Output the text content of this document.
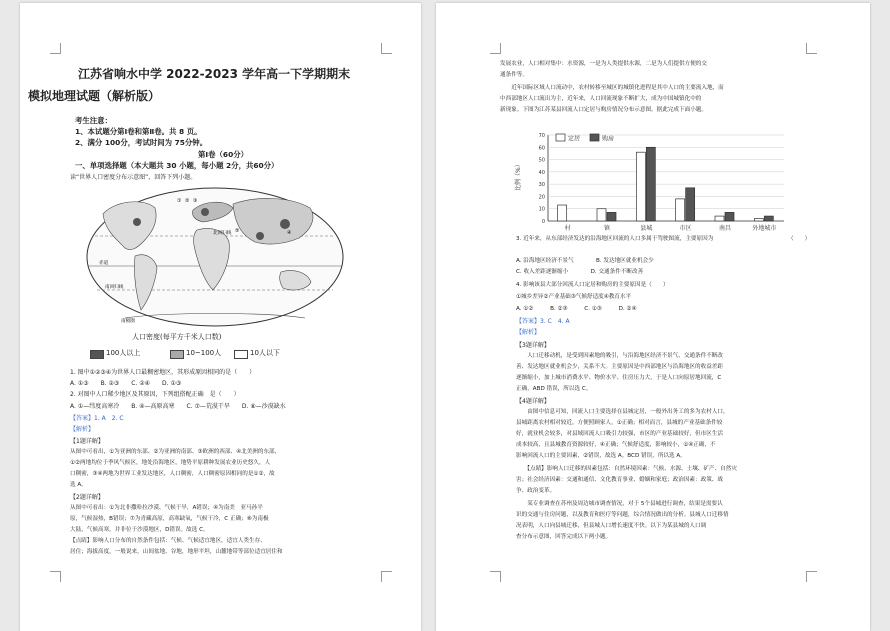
江苏省响水中学 2022-2023 学年高一下学期期末
模拟地理试题（解析版）
考生注意：
1、本试题分第Ⅰ卷和第Ⅱ卷。共 8 页。
2、满分 100分，考试时间为 75分钟。
第Ⅰ卷（60分）
一、单项选择题（本大题共 30 小题，每小题 2分，共60分）
读“世界人口密度分布示意图”，回答下列小题。
① ② ③
④
⑤
北回归线
赤道
南回归线
南极圈
人口密度(每平方千米人口数)
100人以上	10~100人	10人以下
1. 图中①②③④为世界人口最稠密地区，其形成原因相同的是（　　）
A. ①③　　B. ②③　　C. ②④　　D. ①③
2. 对图中人口稀少地区及其原因，下列组搭配正确　是（　　）
A. ①—纬度高寒冷　　B. ④—高原高寒　　C. ⑦—荒漠干旱　　D. ⑧—沙漠缺水
【答案】1. A　2. C
【解析】
【1题详解】
从图中可看出，①为亚洲的东部、②为亚洲的南部、③欧洲的西部、④北美洲的东部，
①②两地均位于季风气候区，地处沿海地区，地势平原耕种发展农业历史悠久，人
口稠密，③④两地为世界工业发达地区，人口稠密，人口稠密原因相同的是①②，故
选 A。
【2题详解】
从图中可看出：①为北非撒哈拉沙漠、气候干旱，A错误；④为南美　亚马孙平
原，气候湿热，B错误；⑦为青藏高原，高寒缺氧，气候干冷，C 正确；⑧为南极
大陆，气候高寒，并非位于沙漠地区，D错误。故选 C。
【点睛】影响人口分布的自然条件包括：气候、气候适宜地区，适宜人类生存、
居住；海拔高度，一般说来，山间盆地、谷地，地形平坦，山麓地带等部位适宜居住和
发展农业，人口相对集中：水资源，一是为人类提供水源，二是为人们提供方便的交
通条件等。
　　近年国际区域人口流动中，农村转移至城区的城镇化进程是其中人口的主要流入地，而
中西部地区人口流出为主，近年来，人口回流现象不断扩大，成为中国城镇化中的
新现象。下图为江苏某县回流人口定居与购房情况分布示意图。据此完成下面小题。
0
10
20
30
40
50
60
70
比例（%）
村	镇	县城	市区	南昌	外地城市
定居	购房
3. 近年来，从东部经济发达的沿海地区回流的人口多属于驾驶图流，主要原因为	（　　）
A. 沿海地区经济不景气　　　　B. 发达地区就业机会少
C. 收入差距逐渐缩小　　　　D. 交通条件不断改善
4. 影响该县大部分回流人口定居和购房的主要原因是（　　）
①城乡差异②产业基础③气候舒适度④教育水平
A. ①②　　　B. ②③　　　C. ①③　　　D. ②④
【答案】3. C　4. A
【解析】
【3题详解】
　　人口迁移动机，是受到因素地的吸引，与沿海地区经济不景气、交通条件不断改
善、发达地区就业机会少，关系不大。主要原因是中西部地区与沿海地区的收益差距
逐渐缩小，加上城市消费水平、物价水平、住房压力大，于是人口向原居地回流，C
正确，ABD 错误，所以选 C。
【4题详解】
　　由图中信息可知，回流人口主要选择在县城定居，一般外出务工的多为农村人口，
县城距离农村相对较近，方便照顾家人，①正确；相对而言，县城的产业基础条件较
好，就业机会较多，对县域回流人口吸引力较强，市区的产业基础较好，但市区生活
成本较高，且县城教育资源较好，④正确；气候舒适度，影响较小，①④正确，不
影响回流人口的主要因素，②错误，故选 A。BCD 错误，所以选 A。
　　【点睛】影响人口迁移的因素包括：自然环境因素：气候、水源、土壤、矿产、自然灾
害；社会经济因素：交通和通信、文化教育事业、婚姻和家庭；政治因素：政策、战
争、政治变革。
　　某专业调查在苏州及周边城市调查情况，对于 5个县城进行调查，结果是需要认
识的交通与住房问题，以及教育和医疗等问题，综合情况做出的分析。县城人口迁移情
况表明，人口向县城迁移，但县城人口增长速度不快。以下为某县城的人口调
查分布示意图，回答完成以下两小题。
